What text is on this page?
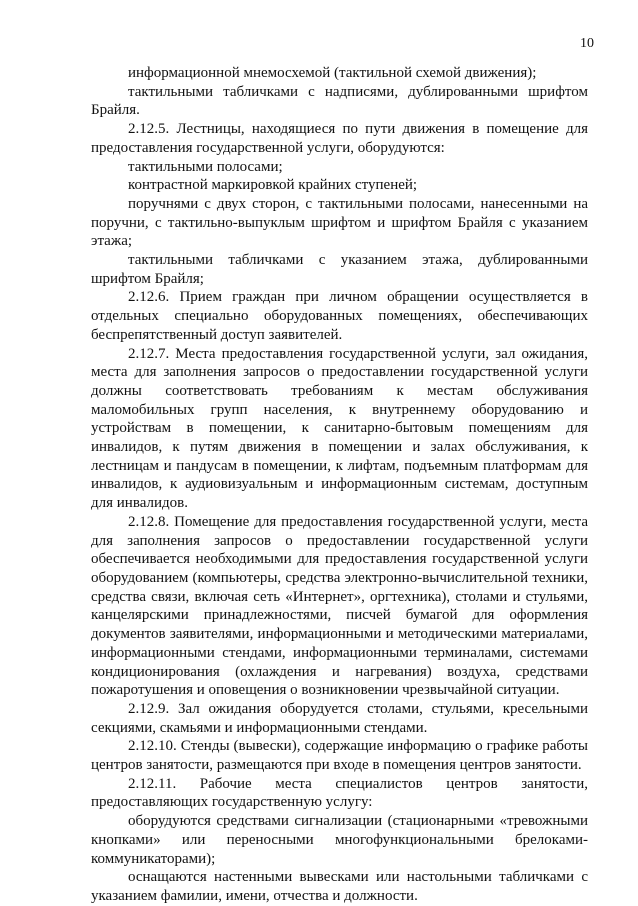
10

информационной мнемосхемой (тактильной схемой движения);

тактильными табличками с надписями, дублированными шрифтом Брайля.

2.12.5. Лестницы, находящиеся по пути движения в помещение для предоставления государственной услуги, оборудуются:

тактильными полосами;

контрастной маркировкой крайних ступеней;

поручнями с двух сторон, с тактильными полосами, нанесенными на поручни, с тактильно-выпуклым шрифтом и шрифтом Брайля с указанием этажа;

тактильными табличками с указанием этажа, дублированными шрифтом Брайля;

2.12.6. Прием граждан при личном обращении осуществляется в отдельных специально оборудованных помещениях, обеспечивающих беспрепятственный доступ заявителей.

2.12.7. Места предоставления государственной услуги, зал ожидания, места для заполнения запросов о предоставлении государственной услуги должны соответствовать требованиям к местам обслуживания маломобильных групп населения, к внутреннему оборудованию и устройствам в помещении, к санитарно-бытовым помещениям для инвалидов, к путям движения в помещении и залах обслуживания, к лестницам и пандусам в помещении, к лифтам, подъемным платформам для инвалидов, к аудиовизуальным и информационным системам, доступным для инвалидов.

2.12.8. Помещение для предоставления государственной услуги, места для заполнения запросов о предоставлении государственной услуги обеспечивается необходимыми для предоставления государственной услуги оборудованием (компьютеры, средства электронно-вычислительной техники, средства связи, включая сеть «Интернет», оргтехника), столами и стульями, канцелярскими принадлежностями, писчей бумагой для оформления документов заявителями, информационными и методическими материалами, информационными стендами, информационными терминалами, системами кондиционирования (охлаждения и нагревания) воздуха, средствами пожаротушения и оповещения о возникновении чрезвычайной ситуации.

2.12.9. Зал ожидания оборудуется столами, стульями, кресельными секциями, скамьями и информационными стендами.

2.12.10. Стенды (вывески), содержащие информацию о графике работы центров занятости, размещаются при входе в помещения центров занятости.

2.12.11. Рабочие места специалистов центров занятости, предоставляющих государственную услугу:

оборудуются средствами сигнализации (стационарными «тревожными кнопками» или переносными многофункциональными брелоками-коммуникаторами);

оснащаются настенными вывесками или настольными табличками с указанием фамилии, имени, отчества и должности.
